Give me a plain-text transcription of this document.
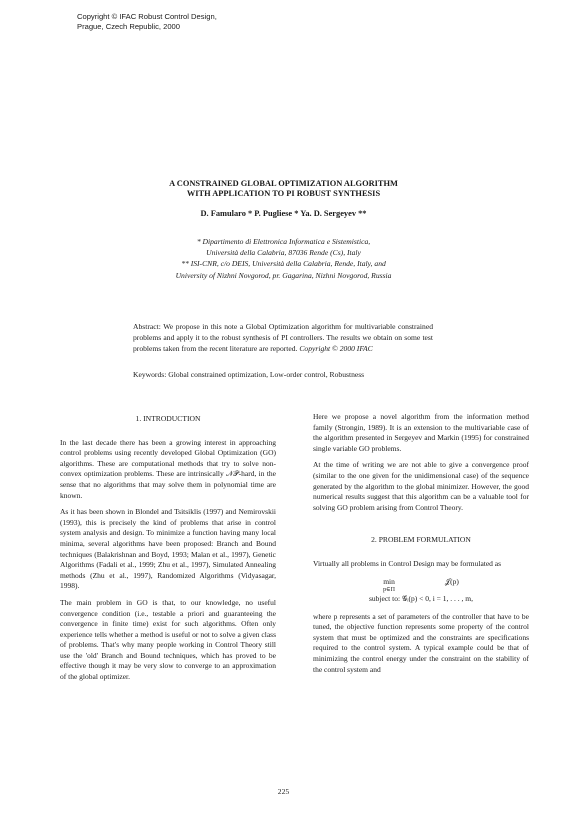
Copyright © IFAC Robust Control Design,
Prague, Czech Republic, 2000
A CONSTRAINED GLOBAL OPTIMIZATION ALGORITHM
WITH APPLICATION TO PI ROBUST SYNTHESIS
D. Famularo * P. Pugliese * Ya. D. Sergeyev **
* Dipartimento di Elettronica Informatica e Sistemistica,
Università della Calabria, 87036 Rende (Cs), Italy
** ISI-CNR, c/o DEIS, Università della Calabria, Rende, Italy, and
University of Nizhni Novgorod, pr. Gagarina, Nizhni Novgorod, Russia
Abstract: We propose in this note a Global Optimization algorithm for multivariable constrained problems and apply it to the robust synthesis of PI controllers. The results we obtain on some test problems taken from the recent literature are reported. Copyright © 2000 IFAC
Keywords: Global constrained optimization, Low-order control, Robustness
1. INTRODUCTION

In the last decade there has been a growing interest in approaching control problems using recently developed Global Optimization (GO) algorithms. These are computational methods that try to solve non-convex optimization problems. These are intrinsically 𝒩𝒫-hard, in the sense that no algorithms that may solve them in polynomial time are known.

As it has been shown in Blondel and Tsitsiklis (1997) and Nemirovskii (1993), this is precisely the kind of problems that arise in control system analysis and design. To minimize a function having many local minima, several algorithms have been proposed: Branch and Bound techniques (Balakrishnan and Boyd, 1993; Malan et al., 1997), Genetic Algorithms (Fadali et al., 1999; Zhu et al., 1997), Simulated Annealing methods (Zhu et al., 1997), Randomized Algorithms (Vidyasagar, 1998).

The main problem in GO is that, to our knowledge, no useful convergence condition (i.e., testable a priori and guaranteeing the convergence in finite time) exist for such algorithms. Often only experience tells whether a method is useful or not to solve a given class of problems. That's why many people working in Control Theory still use the 'old' Branch and Bound techniques, which has proved to be effective though it may be very slow to converge to an approximation of the global optimizer.

Here we propose a novel algorithm from the information method family (Strongin, 1989). It is an extension to the multivariable case of the algorithm presented in Sergeyev and Markin (1995) for constrained single variable GO problems.

At the time of writing we are not able to give a convergence proof (similar to the one given for the unidimensional case) of the sequence generated by the algorithm to the global minimizer. However, the good numerical results suggest that this algorithm can be a valuable tool for solving GO problem arising from Control Theory.

2. PROBLEM FORMULATION

Virtually all problems in Control Design may be formulated as

min
p∈Π
𝒥(p)
subject to: 𝒢ᵢ(p) < 0, i = 1, . . . , m,

where p represents a set of parameters of the controller that have to be tuned, the objective function represents some property of the control system that must be optimized and the constraints are specifications required to the control system. A typical example could be that of minimizing the control energy under the constraint on the stability of the control system and

225
